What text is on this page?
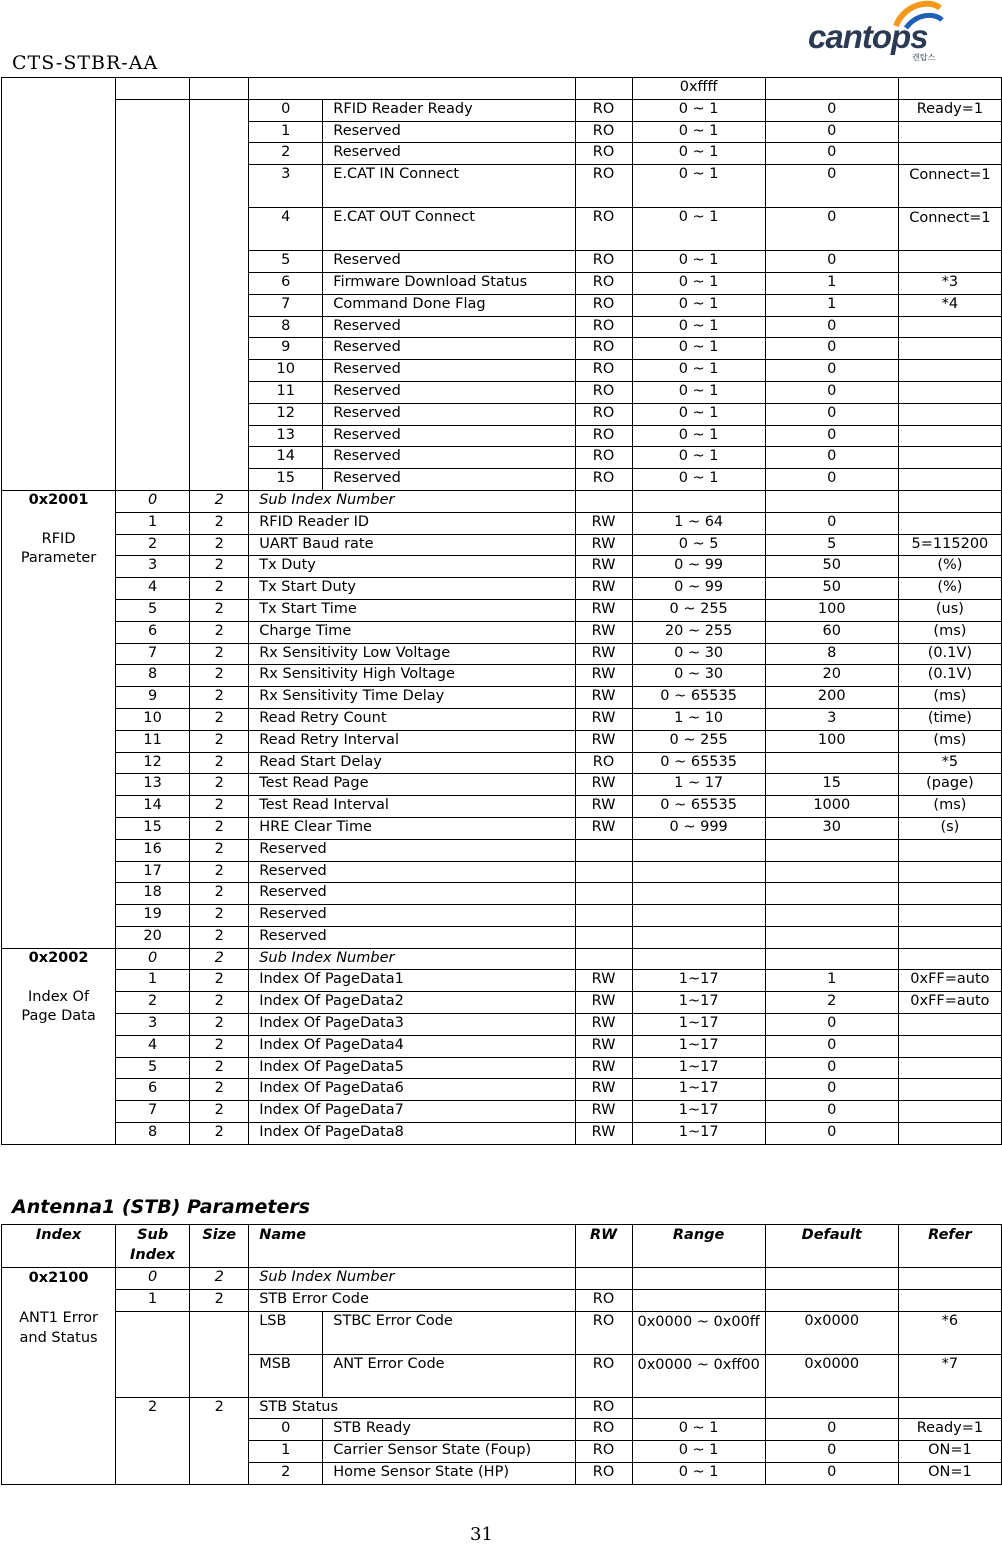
CTS-STBR-AA
cantops
캔탑스
						0xffff		
			0	RFID Reader Ready	RO	0 ~ 1	0	Ready=1
			1	Reserved	RO	0 ~ 1	0	
			2	Reserved	RO	0 ~ 1	0	
			3	E.CAT IN Connect	RO	0 ~ 1	0	Connect=1
			4	E.CAT OUT Connect	RO	0 ~ 1	0	Connect=1
			5	Reserved	RO	0 ~ 1	0	
			6	Firmware Download Status	RO	0 ~ 1	1	*3
			7	Command Done Flag	RO	0 ~ 1	1	*4
			8	Reserved	RO	0 ~ 1	0	
			9	Reserved	RO	0 ~ 1	0	
			10	Reserved	RO	0 ~ 1	0	
			11	Reserved	RO	0 ~ 1	0	
			12	Reserved	RO	0 ~ 1	0	
			13	Reserved	RO	0 ~ 1	0	
			14	Reserved	RO	0 ~ 1	0	
			15	Reserved	RO	0 ~ 1	0	

0x2001
RFID Parameter	0	2	Sub Index Number					
	1	2	RFID Reader ID		RW	1 ~ 64	0	
	2	2	UART Baud rate		RW	0 ~ 5	5	5=115200
	3	2	Tx Duty		RW	0 ~ 99	50	(%)
	4	2	Tx Start Duty		RW	0 ~ 99	50	(%)
	5	2	Tx Start Time		RW	0 ~ 255	100	(us)
	6	2	Charge Time		RW	20 ~ 255	60	(ms)
	7	2	Rx Sensitivity Low Voltage		RW	0 ~ 30	8	(0.1V)
	8	2	Rx Sensitivity High Voltage		RW	0 ~ 30	20	(0.1V)
	9	2	Rx Sensitivity Time Delay		RW	0 ~ 65535	200	(ms)
	10	2	Read Retry Count		RW	1 ~ 10	3	(time)
	11	2	Read Retry Interval		RW	0 ~ 255	100	(ms)
	12	2	Read Start Delay		RO	0 ~ 65535		*5
	13	2	Test Read Page		RW	1 ~ 17	15	(page)
	14	2	Test Read Interval		RW	0 ~ 65535	1000	(ms)
	15	2	HRE Clear Time		RW	0 ~ 999	30	(s)
	16	2	Reserved					
	17	2	Reserved					
	18	2	Reserved					
	19	2	Reserved					
	20	2	Reserved					

0x2002
Index Of Page Data	0	2	Sub Index Number					
	1	2	Index Of PageData1		RW	1~17	1	0xFF=auto
	2	2	Index Of PageData2		RW	1~17	2	0xFF=auto
	3	2	Index Of PageData3		RW	1~17	0	
	4	2	Index Of PageData4		RW	1~17	0	
	5	2	Index Of PageData5		RW	1~17	0	
	6	2	Index Of PageData6		RW	1~17	0	
	7	2	Index Of PageData7		RW	1~17	0	
	8	2	Index Of PageData8		RW	1~17	0	
Antenna1 (STB) Parameters
Index	Sub Index	Size	Name		RW	Range	Default	Refer

0x2100
ANT1 Error and Status	0	2	Sub Index Number					
	1	2	STB Error Code		RO			
			LSB	STBC Error Code	RO	0x0000 ~ 0x00ff	0x0000	*6
			MSB	ANT Error Code	RO	0x0000 ~ 0xff00	0x0000	*7
	2	2	STB Status		RO			
			0	STB Ready	RO	0 ~ 1	0	Ready=1
			1	Carrier Sensor State (Foup)	RO	0 ~ 1	0	ON=1
			2	Home Sensor State (HP)	RO	0 ~ 1	0	ON=1
31
